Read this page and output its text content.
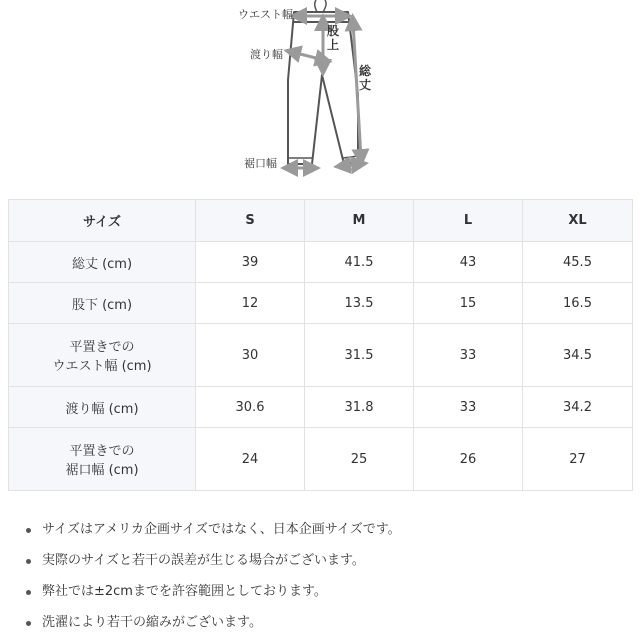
ウエスト幅
渡り幅
裾口幅
股
上
総
丈
サイズ	S	M	L	XL
総丈 (cm)	39	41.5	43	45.5
股下 (cm)	12	13.5	15	16.5

平置きでの
ウエスト幅 (cm)	30	31.5	33	34.5
渡り幅 (cm)	30.6	31.8	33	34.2

平置きでの
裾口幅 (cm)	24	25	26	27
サイズはアメリカ企画サイズではなく、日本企画サイズです。
実際のサイズと若干の誤差が生じる場合がございます。
弊社では±2cmまでを許容範囲としております。
洗濯により若干の縮みがございます。
